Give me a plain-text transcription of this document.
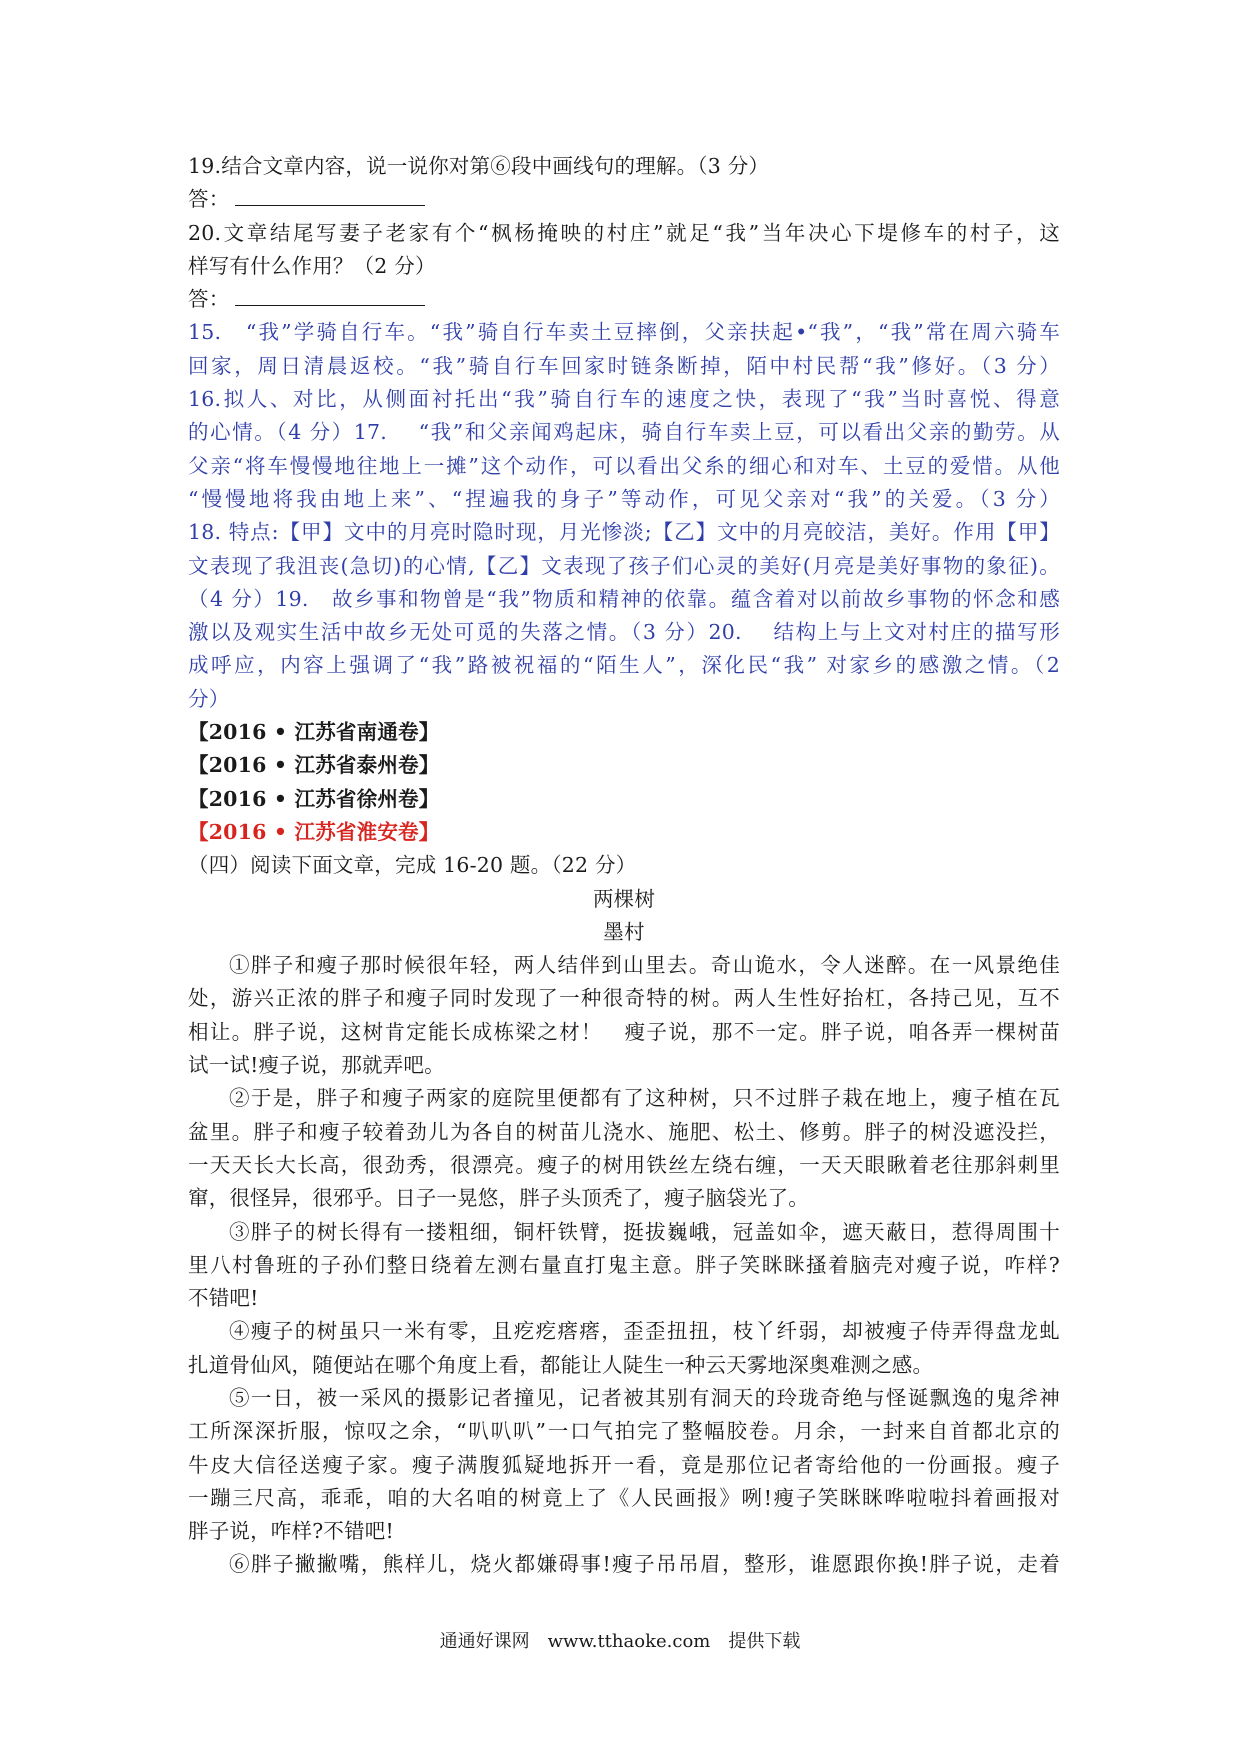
19.结合文章内容，说一说你对第⑥段中画线句的理解。（3 分）
答：
20.文章结尾写妻子老家有个“枫杨掩映的村庄”就足“我”当年决心下堤修车的村子，这
样写有什么作用？（2 分）
答：
15.　“我”学骑自行车。“我”骑自行车卖土豆摔倒，父亲扶起•“我”，“我”常在周六骑车
回家，周日清晨返校。“我”骑自行车回家时链条断掉，陌中村民帮“我”修好。（3 分）
16.拟人、对比，从侧面衬托出“我”骑自行车的速度之快，表现了“我”当时喜悦、得意
的心情。（4 分）17.　 “我”和父亲闻鸡起床，骑自行车卖上豆，可以看出父亲的勤劳。从
父亲“将车慢慢地往地上一摊”这个动作，可以看出父糸的细心和对车、土豆的爱惜。从他
“慢慢地将我由地上来”、“捏遍我的身子”等动作，可见父亲对“我”的关爱。（3 分）
18. 特点:【甲】文中的月亮时隐时现，月光惨淡;【乙】文中的月亮皎洁，美好。作用【甲】
文表现了我沮丧(急切)的心情,【乙】文表现了孩子们心灵的美好(月亮是美好事物的象征)。
（4 分）19.　故乡事和物曾是“我”物质和精神的依靠。蕴含着对以前故乡事物的怀念和感
激以及观实生活中故乡无处可觅的失落之情。（3 分）20.　 结构上与上文对村庄的描写形
成呼应，内容上强调了“我”路被祝福的“陌生人”，深化民“我” 对家乡的感激之情。（2
分）
【2016 • 江苏省南通卷】
【2016 • 江苏省泰州卷】
【2016 • 江苏省徐州卷】
【2016 • 江苏省淮安卷】
（四）阅读下面文章，完成 16-20 题。（22 分）
两棵树
墨村
①胖子和瘦子那时候很年轻，两人结伴到山里去。奇山诡水，令人迷醉。在一风景绝佳
处，游兴正浓的胖子和瘦子同时发现了一种很奇特的树。两人生性好抬杠，各持己见，互不
相让。胖子说，这树肯定能长成栋梁之材！　瘦子说，那不一定。胖子说，咱各弄一棵树苗
试一试!瘦子说，那就弄吧。
②于是，胖子和瘦子两家的庭院里便都有了这种树，只不过胖子栽在地上，瘦子植在瓦
盆里。胖子和瘦子较着劲儿为各自的树苗儿浇水、施肥、松土、修剪。胖子的树没遮没拦，
一天天长大长高，很劲秀，很漂亮。瘦子的树用铁丝左绕右缠，一天天眼瞅着老往那斜刺里
窜，很怪异，很邪乎。日子一晃悠，胖子头顶秃了，瘦子脑袋光了。
③胖子的树长得有一搂粗细，铜杆铁臂，挺拔巍峨，冠盖如伞，遮天蔽日，惹得周围十
里八村鲁班的子孙们整日绕着左测右量直打鬼主意。胖子笑眯眯搔着脑壳对瘦子说，咋样?
不错吧!
④瘦子的树虽只一米有零，且疙疙瘩瘩，歪歪扭扭，枝丫纤弱，却被瘦子侍弄得盘龙虬
扎道骨仙风，随便站在哪个角度上看，都能让人陡生一种云天雾地深奥难测之感。
⑤一日，被一采风的摄影记者撞见，记者被其别有洞天的玲珑奇绝与怪诞飘逸的鬼斧神
工所深深折服，惊叹之余，“叭叭叭”一口气拍完了整幅胶卷。月余，一封来自首都北京的
牛皮大信径送瘦子家。瘦子满腹狐疑地拆开一看，竟是那位记者寄给他的一份画报。瘦子
一蹦三尺高，乖乖，咱的大名咱的树竟上了《人民画报》咧!瘦子笑眯眯哗啦啦抖着画报对
胖子说，咋样?不错吧!
⑥胖子撇撇嘴，熊样儿，烧火都嫌碍事!瘦子吊吊眉，整形，谁愿跟你换!胖子说，走着
通通好课网　www.tthaoke.com　提供下载
